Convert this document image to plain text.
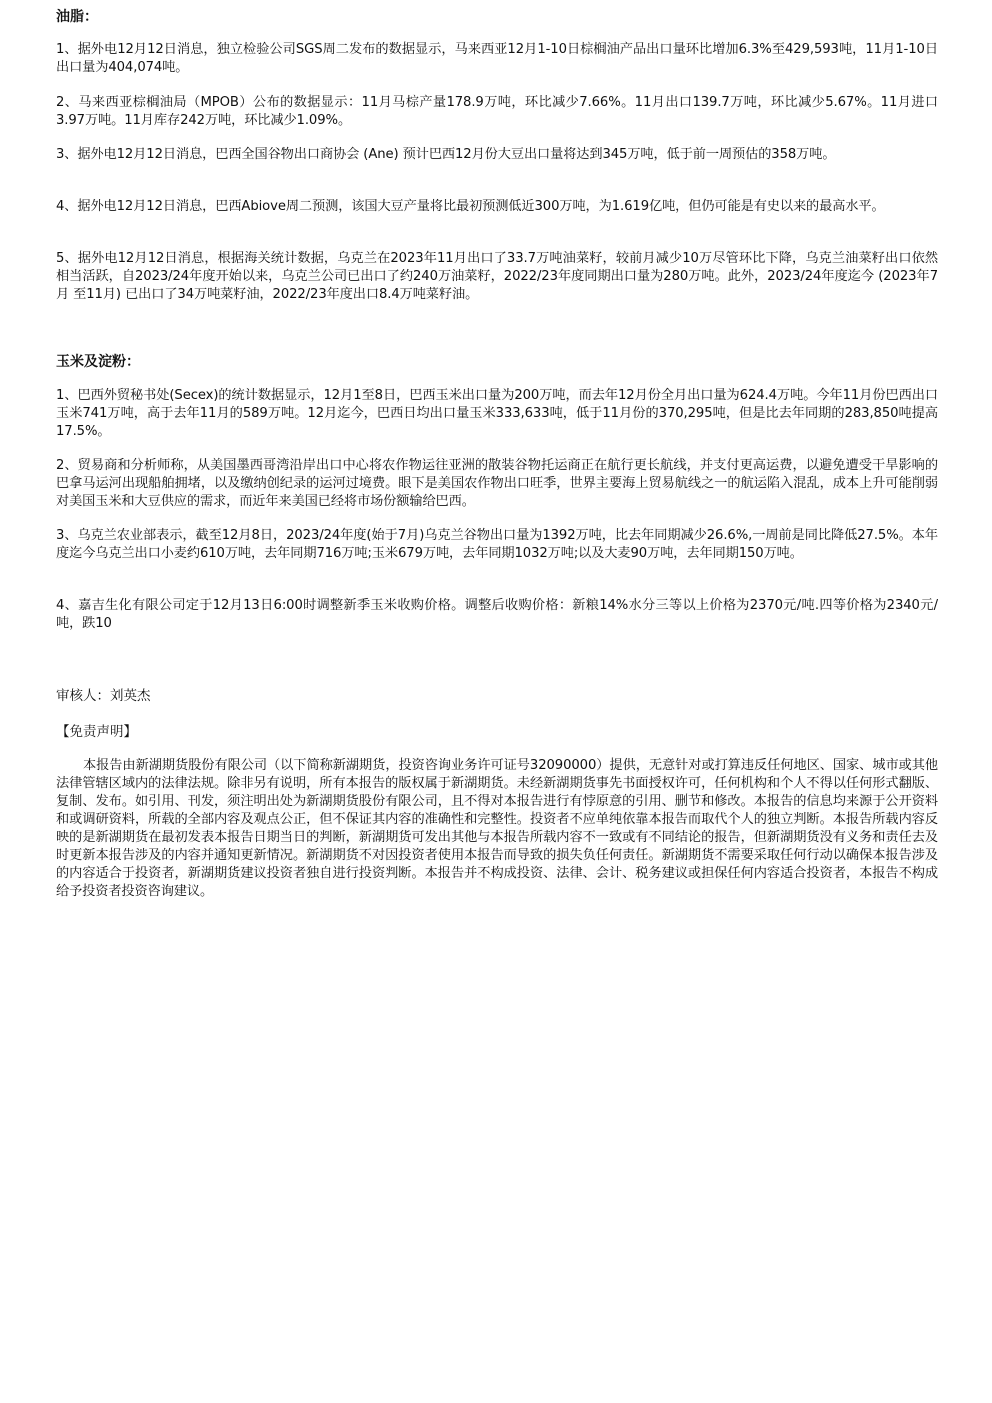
油脂：

1、据外电12月12日消息，独立检验公司SGS周二发布的数据显示，马来西亚12月1-10日棕榈油产品出口量环比增加6.3%至429,593吨，11月1-10日出口量为404,074吨。

2、马来西亚棕榈油局（MPOB）公布的数据显示：11月马棕产量178.9万吨，环比减少7.66%。11月出口139.7万吨，环比减少5.67%。11月进口3.97万吨。11月库存242万吨，环比减少1.09%。

3、据外电12月12日消息，巴西全国谷物出口商协会 (Ane) 预计巴西12月份大豆出口量将达到345万吨，低于前一周预估的358万吨。

4、据外电12月12日消息，巴西Abiove周二预测，该国大豆产量将比最初预测低近300万吨，为1.619亿吨，但仍可能是有史以来的最高水平。

5、据外电12月12日消息，根据海关统计数据，乌克兰在2023年11月出口了33.7万吨油菜籽，较前月减少10万尽管环比下降，乌克兰油菜籽出口依然相当活跃，自2023/24年度开始以来，乌克兰公司已出口了约240万油菜籽，2022/23年度同期出口量为280万吨。此外，2023/24年度迄今 (2023年7月 至11月) 已出口了34万吨菜籽油，2022/23年度出口8.4万吨菜籽油。

玉米及淀粉：

1、巴西外贸秘书处(Secex)的统计数据显示，12月1至8日，巴西玉米出口量为200万吨，而去年12月份全月出口量为624.4万吨。今年11月份巴西出口玉米741万吨，高于去年11月的589万吨。12月迄今，巴西日均出口量玉米333,633吨，低于11月份的370,295吨，但是比去年同期的283,850吨提高17.5%。

2、贸易商和分析师称，从美国墨西哥湾沿岸出口中心将农作物运往亚洲的散装谷物托运商正在航行更长航线，并支付更高运费，以避免遭受干旱影响的巴拿马运河出现船舶拥堵，以及缴纳创纪录的运河过境费。眼下是美国农作物出口旺季，世界主要海上贸易航线之一的航运陷入混乱，成本上升可能削弱对美国玉米和大豆供应的需求，而近年来美国已经将市场份额输给巴西。

3、乌克兰农业部表示，截至12月8日，2023/24年度(始于7月)乌克兰谷物出口量为1392万吨，比去年同期减少26.6%,一周前是同比降低27.5%。本年度迄今乌克兰出口小麦约610万吨，去年同期716万吨;玉米679万吨，去年同期1032万吨;以及大麦90万吨，去年同期150万吨。

4、嘉吉生化有限公司定于12月13日6:00时调整新季玉米收购价格。调整后收购价格：新粮14%水分三等以上价格为2370元/吨.四等价格为2340元/吨，跌10

审核人：刘英杰

【免责声明】

本报告由新湖期货股份有限公司（以下简称新湖期货，投资咨询业务许可证号32090000）提供，无意针对或打算违反任何地区、国家、城市或其他法律管辖区域内的法律法规。除非另有说明，所有本报告的版权属于新湖期货。未经新湖期货事先书面授权许可，任何机构和个人不得以任何形式翻版、复制、发布。如引用、刊发，须注明出处为新湖期货股份有限公司，且不得对本报告进行有悖原意的引用、删节和修改。本报告的信息均来源于公开资料和或调研资料，所载的全部内容及观点公正，但不保证其内容的准确性和完整性。投资者不应单纯依靠本报告而取代个人的独立判断。本报告所载内容反映的是新湖期货在最初发表本报告日期当日的判断，新湖期货可发出其他与本报告所载内容不一致或有不同结论的报告，但新湖期货没有义务和责任去及时更新本报告涉及的内容并通知更新情况。新湖期货不对因投资者使用本报告而导致的损失负任何责任。新湖期货不需要采取任何行动以确保本报告涉及的内容适合于投资者，新湖期货建议投资者独自进行投资判断。本报告并不构成投资、法律、会计、税务建议或担保任何内容适合投资者，本报告不构成给予投资者投资咨询建议。
